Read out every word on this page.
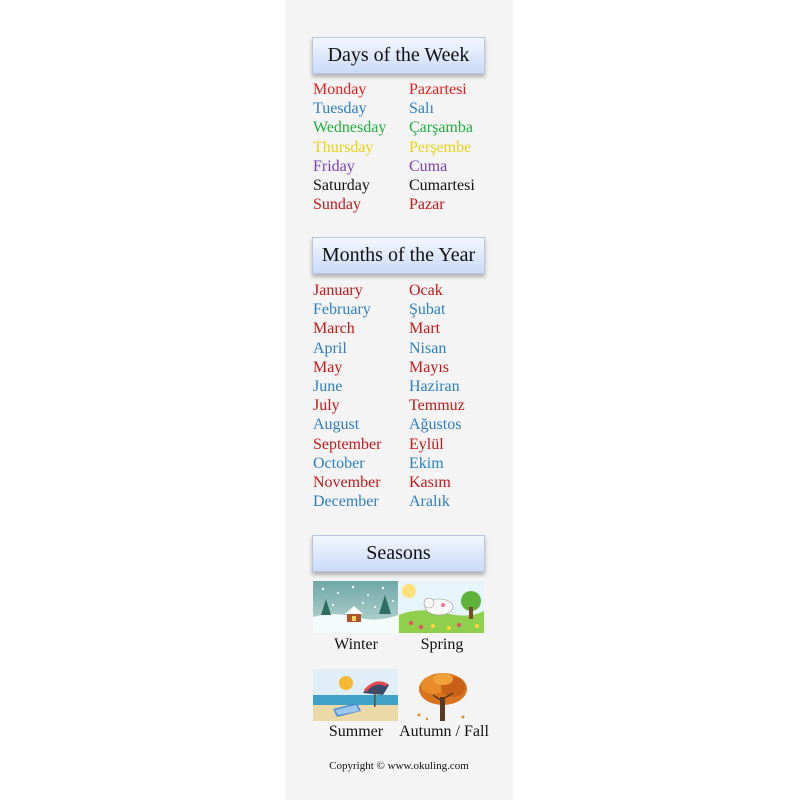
Days of the Week
Monday	Pazartesi
Tuesday	Salı
Wednesday Çarşamba
Thursday Perşembe
Friday	Cuma
Saturday Cumartesi
Sunday	Pazar
Months of the Year
January	Ocak
February Şubat
March	Mart
April	Nisan
May	Mayıs
June	Haziran
July	Temmuz
August	Ağustos
September Eylül
October	Ekim
November Kasım
December Aralık
Seasons
Winter	Spring
Summer	Autumn / Fall
Copyright © www.okuling.com
